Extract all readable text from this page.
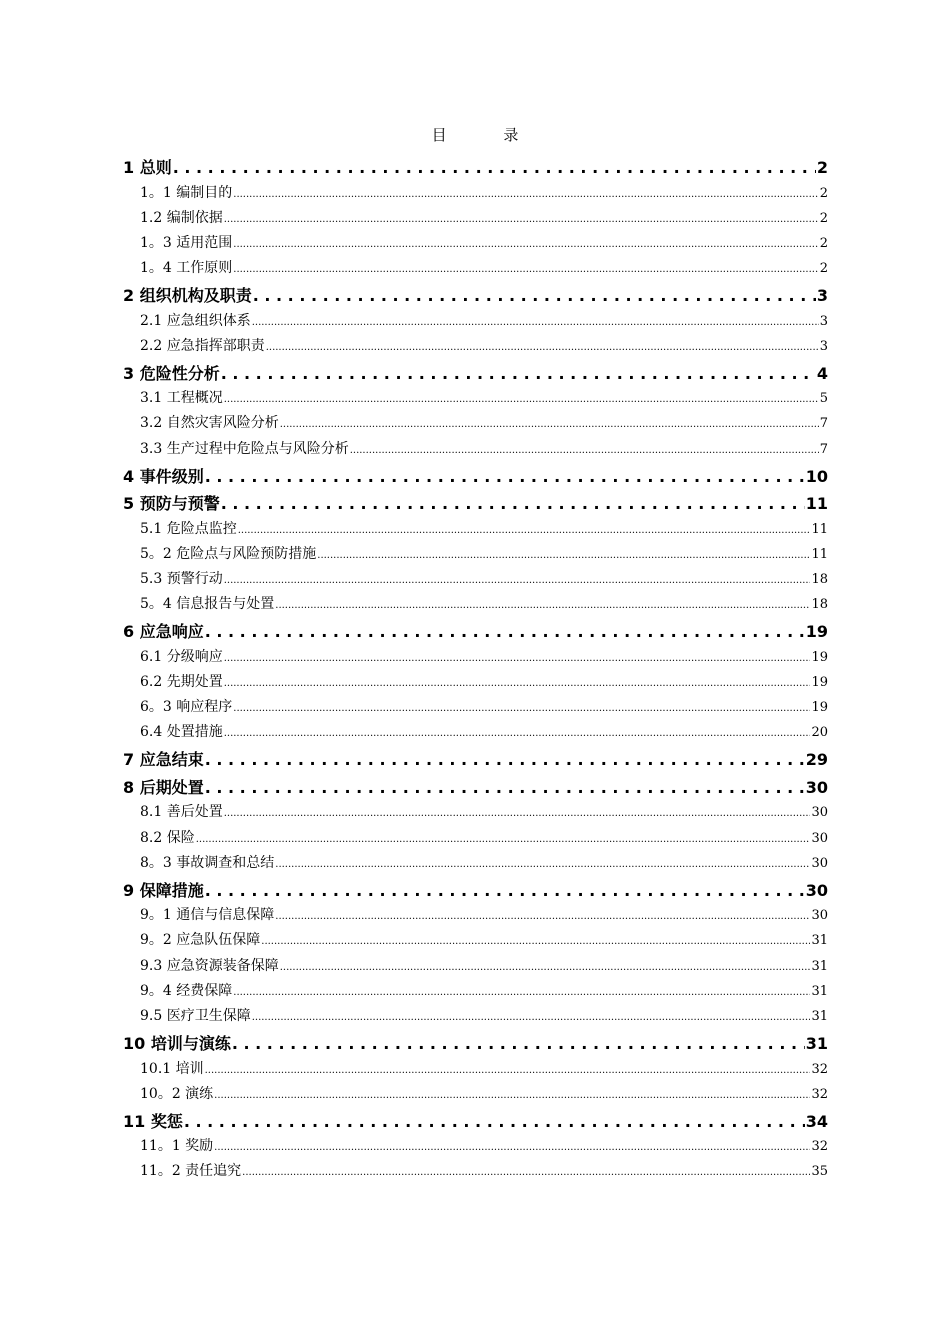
目 录
1 总则 . . .	2
1。1 编制目的 .....	2
1.2 编制依据 .....	2
1。3 适用范围 .....	2
1。4 工作原则 .....	2
2 组织机构及职责 . . .	3
2.1 应急组织体系 .....	3
2.2 应急指挥部职责 .....	3
3 危险性分析 . . .	4
3.1 工程概况 .....	5
3.2 自然灾害风险分析 .....	7
3.3 生产过程中危险点与风险分析 .....	7
4 事件级别 . . .	10
5 预防与预警 . . .	11
5.1 危险点监控 .....	11
5。2 危险点与风险预防措施 .....	11
5.3 预警行动 .....	18
5。4 信息报告与处置 .....	18
6 应急响应 . . .	19
6.1 分级响应 .....	19
6.2 先期处置 .....	19
6。3 响应程序 .....	19
6.4 处置措施 .....	20
7 应急结束 . . .	29
8 后期处置 . . .	30
8.1 善后处置 .....	30
8.2 保险 .....	30
8。3 事故调查和总结 .....	30
9 保障措施 . . .	30
9。1 通信与信息保障 .....	30
9。2 应急队伍保障 .....	31
9.3 应急资源装备保障 .....	31
9。4 经费保障 .....	31
9.5 医疗卫生保障 .....	31
10 培训与演练 . . .	31
10.1 培训 .....	32
10。2 演练 .....	32
11 奖惩 . . .	34
11。1 奖励 .....	32
11。2 责任追究 .....	35
